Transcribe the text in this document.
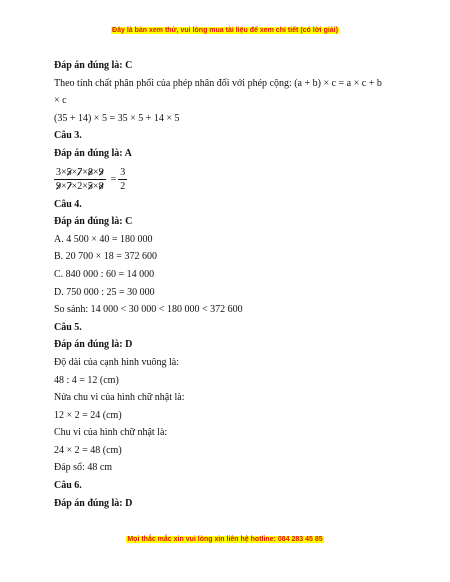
Đây là bản xem thử, vui lòng mua tài liệu để xem chi tiết (có lời giải)
Đáp án đúng là: C
Theo tính chất phân phối của phép nhân đối với phép cộng: (a + b) × c = a × c + b
× c
(35 + 14) × 5 = 35 × 5 + 14 × 5
Câu 3.
Đáp án đúng là: A
$\frac{3\times 5\times 7\times 8\times 9}{9\times 7\times 2\times 5\times 8} = \frac{3}{2}$
Câu 4.
Đáp án đúng là: C
A. 4 500 × 40 = 180 000
B. 20 700 × 18 = 372 600
C. 840 000 : 60 = 14 000
D. 750 000 : 25 = 30 000
So sánh: 14 000 < 30 000 < 180 000 < 372 600
Câu 5.
Đáp án đúng là: D
Độ dài của cạnh hình vuông là:
48 : 4 = 12 (cm)
Nửa chu vi của hình chữ nhật là:
12 × 2 = 24 (cm)
Chu vi của hình chữ nhật là:
24 × 2 = 48 (cm)
Đáp số: 48 cm
Câu 6.
Đáp án đúng là: D
Mọi thắc mắc xin vui lòng xin liên hệ hotline: 084 283 45 85
